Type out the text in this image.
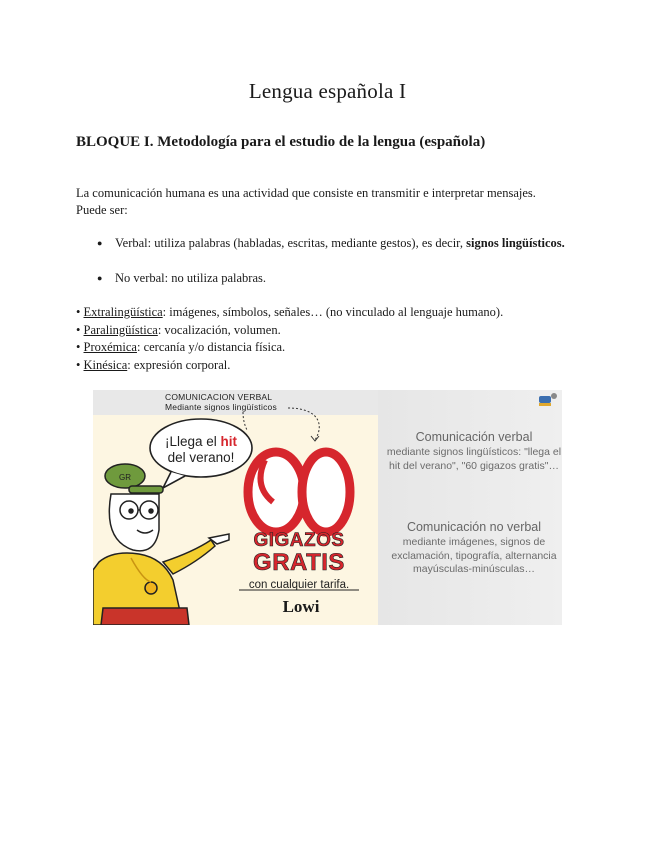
Lengua española I
BLOQUE I. Metodología para el estudio de la lengua (española)
La comunicación humana es una actividad que consiste en transmitir e interpretar mensajes.
Puede ser:
● Verbal: utiliza palabras (habladas, escritas, mediante gestos), es decir, signos lingüísticos.
● No verbal: no utiliza palabras.
• Extralingüística: imágenes, símbolos, señales… (no vinculado al lenguaje humano).
• Paralingüística: vocalización, volumen.
• Proxémica: cercanía y/o distancia física.
• Kinésica: expresión corporal.
COMUNICACION VERBAL
Mediante signos lingüísticos
¡Llega el hit
del verano!
GR
60
GIGAZOS
GRATIS
con cualquier tarifa.
Lowi
Comunicación verbal
mediante signos lingüísticos: "llega el hit del verano", "60 gigazos gratis"…
Comunicación no verbal
mediante imágenes, signos de exclamación, tipografía, alternancia mayúsculas-minúsculas…
